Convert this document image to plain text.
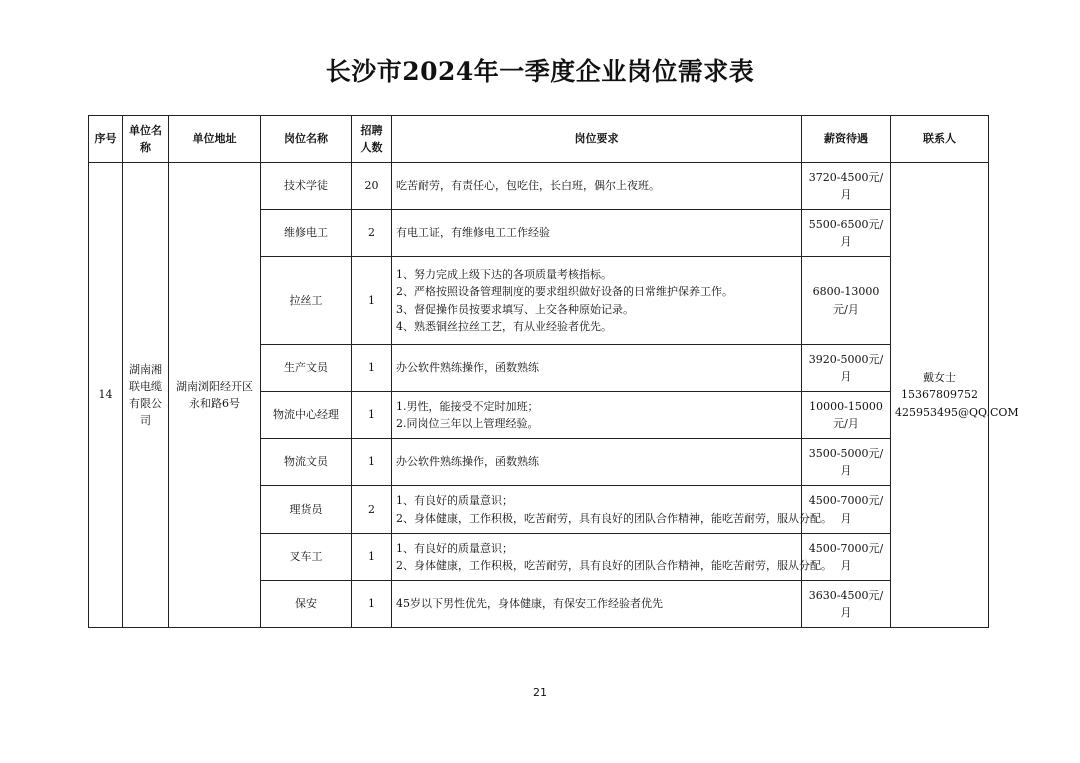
长沙市2024年一季度企业岗位需求表
序号	单位名称	单位地址	岗位名称	招聘人数	岗位要求	薪资待遇	联系人
14	湖南湘联电缆有限公司	湖南浏阳经开区永和路6号	技术学徒	20	吃苦耐劳，有责任心，包吃住，长白班，偶尔上夜班。	3720-4500元/月	戴女士
15367809752
425953495@QQ.COM

			维修电工	2	有电工证，有维修电工工作经验	5500-6500元/月	
			拉丝工	1	1、努力完成上级下达的各项质量考核指标。
2、严格按照设备管理制度的要求组织做好设备的日常维护保养工作。
3、督促操作员按要求填写、上交各种原始记录。
4、熟悉铜丝拉丝工艺，有从业经验者优先。	6800-13000元/月	
			生产文员	1	办公软件熟练操作，函数熟练	3920-5000元/月	
			物流中心经理	1	1.男性，能接受不定时加班；
2.同岗位三年以上管理经验。	10000-15000元/月	
			物流文员	1	办公软件熟练操作，函数熟练	3500-5000元/月	
			理货员	2	1、有良好的质量意识；
2、身体健康，工作积极，吃苦耐劳，具有良好的团队合作精神，能吃苦耐劳，服从分配。	4500-7000元/月	
			叉车工	1	1、有良好的质量意识；
2、身体健康，工作积极，吃苦耐劳，具有良好的团队合作精神，能吃苦耐劳，服从分配。	4500-7000元/月	
			保安	1	45岁以下男性优先，身体健康，有保安工作经验者优先	3630-4500元/月	
21
